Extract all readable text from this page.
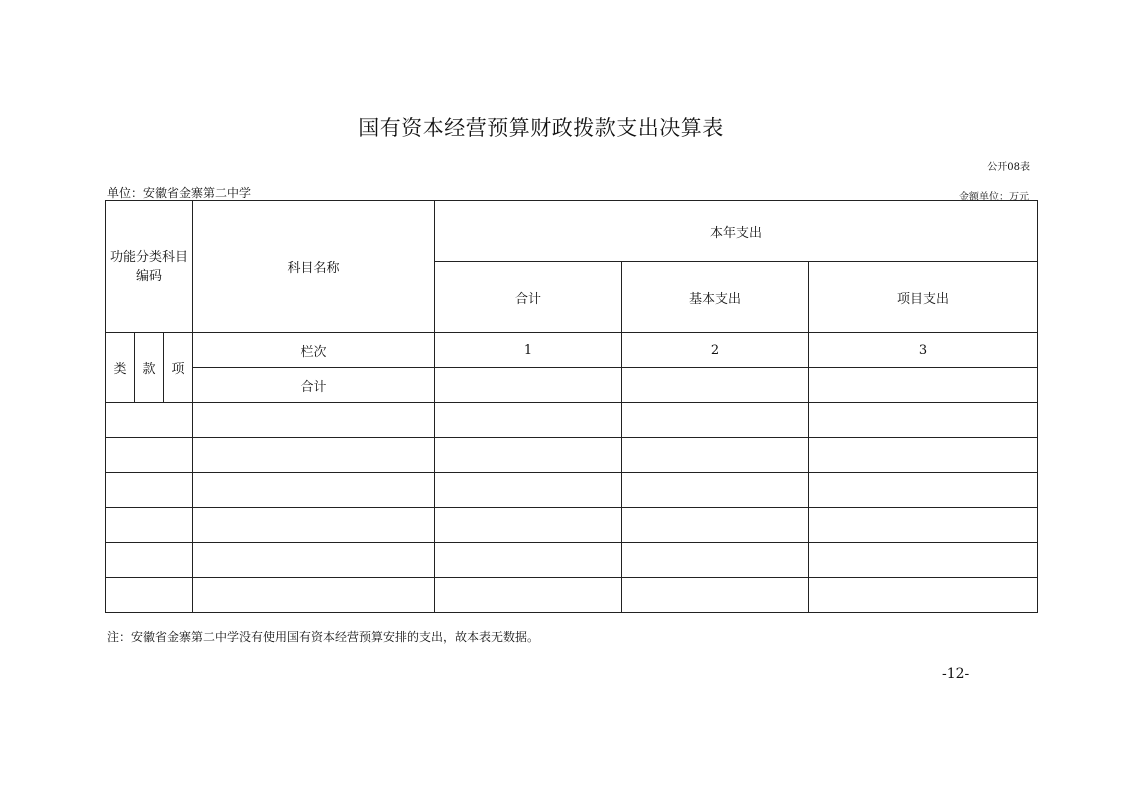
国有资本经营预算财政拨款支出决算表
公开08表
单位：安徽省金寨第二中学	金额单位：万元
功能分类科目编码			科目名称	本年支出		
				合计	基本支出	项目支出
类	款	项	栏次	1	2	3
			合计			

注：安徽省金寨第二中学没有使用国有资本经营预算安排的支出，故本表无数据。
-12-
